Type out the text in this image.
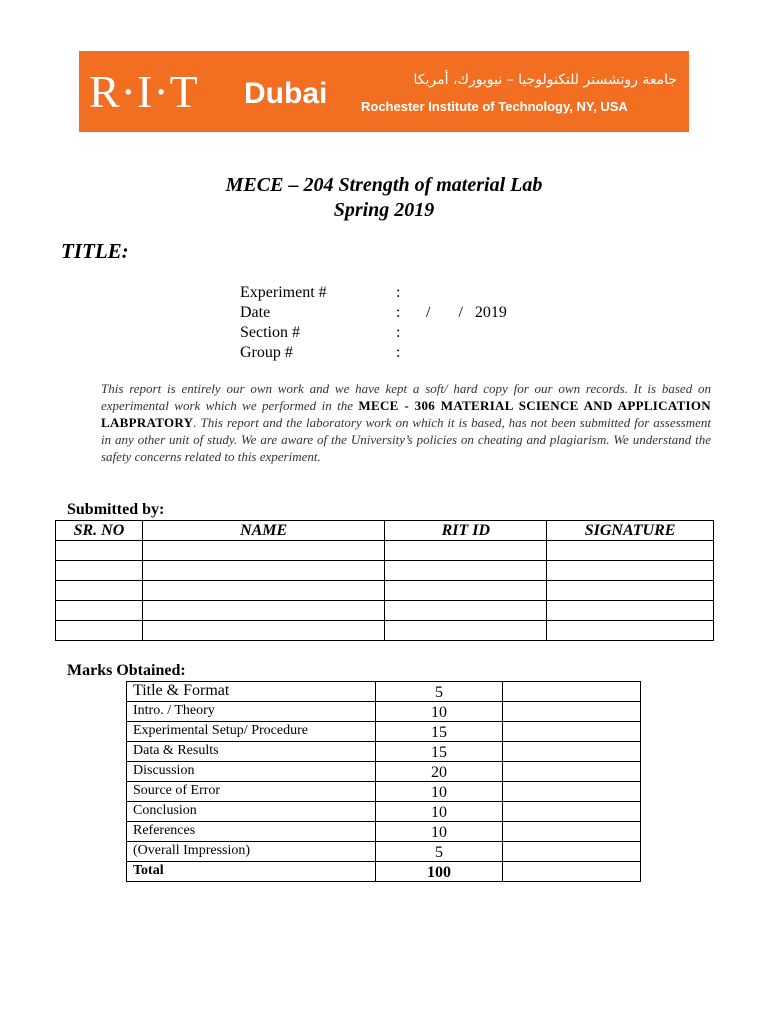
R·I·T Dubai	جامعة روتشستر للتكنولوجيا – نيويورك، أمريكا
Rochester Institute of Technology, NY, USA
MECE – 204 Strength of material Lab
Spring 2019
TITLE:
Experiment #	:
Date	:	/       /   2019
Section #	:
Group #	:
This report is entirely our own work and we have kept a soft/ hard copy for our own records. It is based on experimental work which we performed in the MECE - 306 MATERIAL SCIENCE AND APPLICATION LABPRATORY. This report and the laboratory work on which it is based, has not been submitted for assessment in any other unit of study. We are aware of the University’s policies on cheating and plagiarism. We understand the safety concerns related to this experiment.
Submitted by:
SR. NO	NAME	RIT ID	SIGNATURE

Marks Obtained:
Title & Format	5	
Intro. / Theory	10	
Experimental Setup/ Procedure	15	
Data & Results	15	
Discussion	20	
Source of Error	10	
Conclusion	10	
References	10	
(Overall Impression)	5	
Total	100	
